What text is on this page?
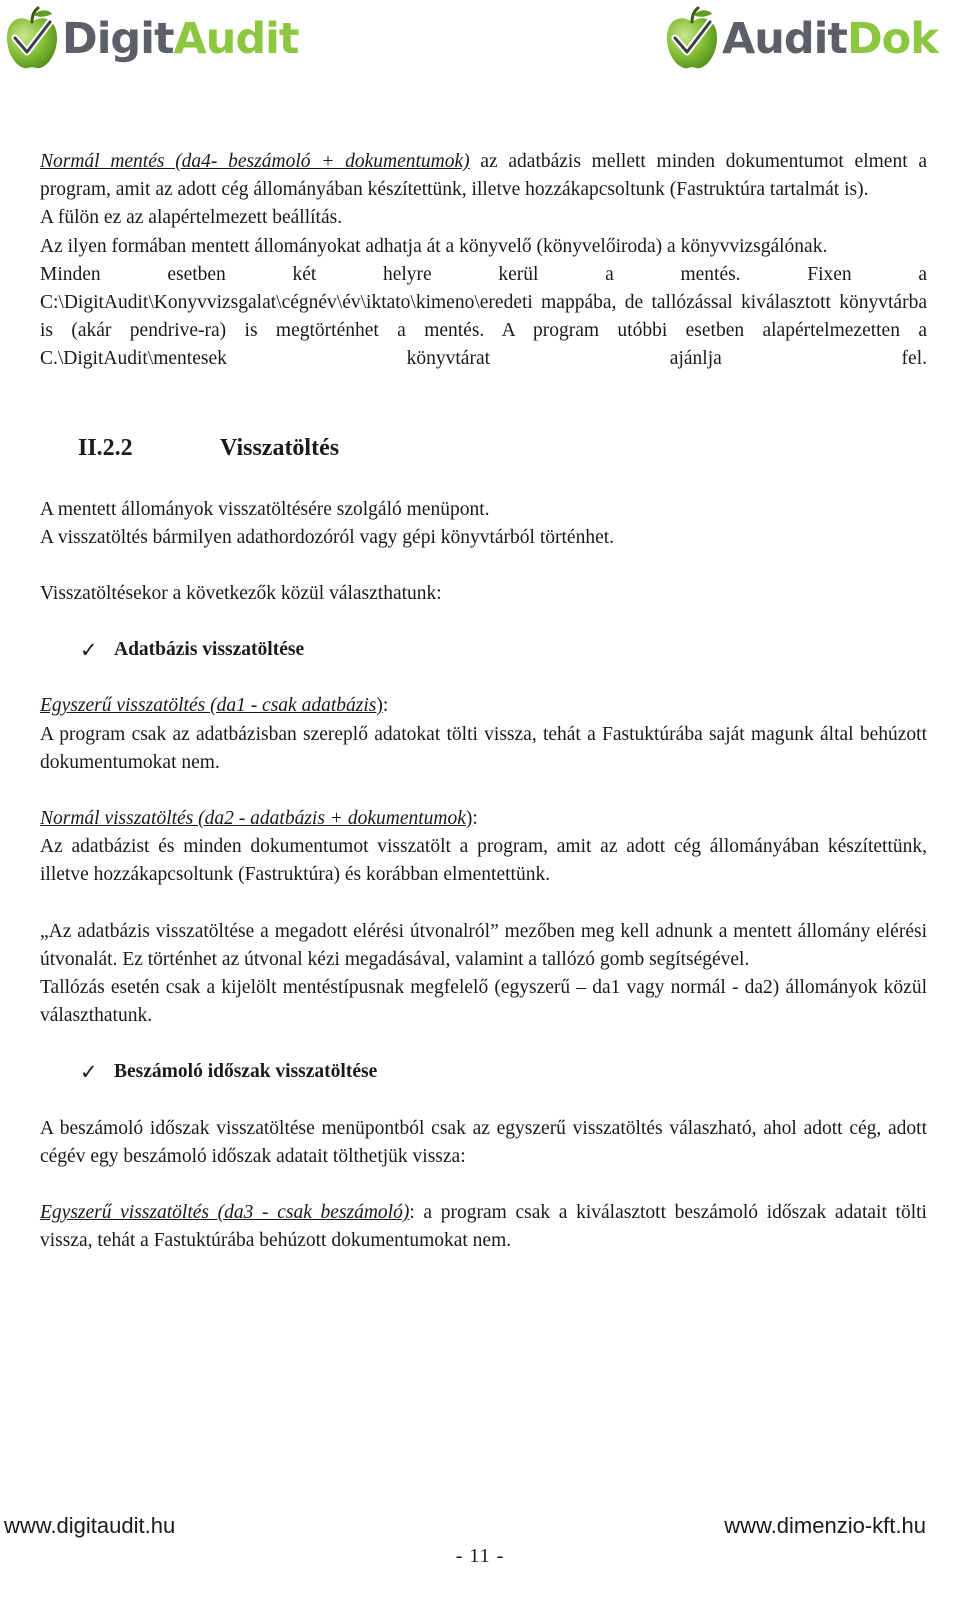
DigitAudit	AuditDok

Normál mentés (da4- beszámoló + dokumentumok) az adatbázis mellett minden dokumentumot elment a program, amit az adott cég állományában készítettünk, illetve hozzákapcsoltunk (Fastruktúra tartalmát is).

A fülön ez az alapértelmezett beállítás.

Az ilyen formában mentett állományokat adhatja át a könyvelő (könyvelőiroda) a könyvvizsgálónak.

Minden esetben két helyre kerül a mentés.	Fixen a C:\DigitAudit\Konyvvizsgalat\cégnév\év\iktato\kimeno\eredeti mappába, de tallózással kiválasztott könyvtárba is (akár pendrive-ra) is megtörténhet a mentés. A program utóbbi esetben alapértelmezetten a C.\DigitAudit\mentesek könyvtárat ajánlja fel.

II.2.2	Visszatöltés

A mentett állományok visszatöltésére szolgáló menüpont.

A visszatöltés bármilyen adathordozóról vagy gépi könyvtárból történhet.

Visszatöltésekor a következők közül választhatunk:

✓ Adatbázis visszatöltése

Egyszerű visszatöltés (da1 - csak adatbázis):

A program csak az adatbázisban szereplő adatokat tölti vissza, tehát a Fastuktúrába saját magunk által behúzott dokumentumokat nem.

Normál visszatöltés (da2 - adatbázis + dokumentumok):

Az adatbázist és minden dokumentumot visszatölt a program, amit az adott cég állományában készítettünk, illetve hozzákapcsoltunk (Fastruktúra) és korábban elmentettünk.

„Az adatbázis visszatöltése a megadott elérési útvonalról” mezőben meg kell adnunk a mentett állomány elérési útvonalát. Ez történhet az útvonal kézi megadásával, valamint a tallózó gomb segítségével.

Tallózás esetén csak a kijelölt mentéstípusnak megfelelő (egyszerű – da1 vagy normál - da2) állományok közül választhatunk.

✓ Beszámoló időszak visszatöltése

A beszámoló időszak visszatöltése menüpontból csak az egyszerű visszatöltés válaszható, ahol adott cég, adott cégév egy beszámoló időszak adatait tölthetjük vissza:

Egyszerű visszatöltés (da3 - csak beszámoló): a program csak a kiválasztott beszámoló időszak adatait tölti vissza, tehát a Fastuktúrába behúzott dokumentumokat nem.

www.digitaudit.hu	www.dimenzio-kft.hu
- 11 -
